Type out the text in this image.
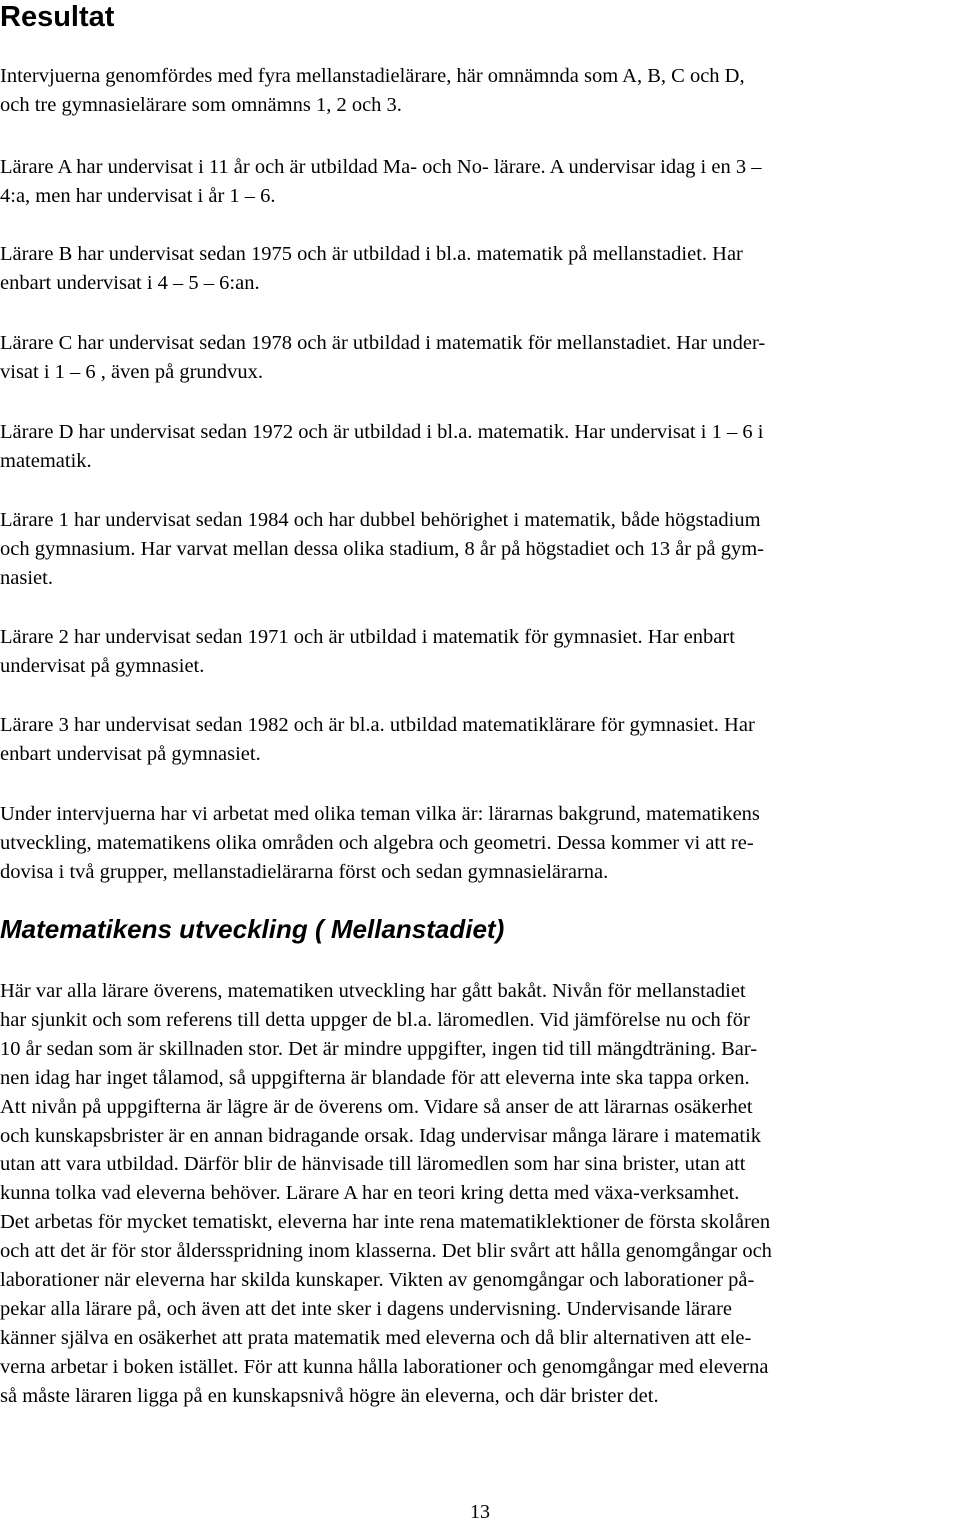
Resultat

Intervjuerna genomfördes med fyra mellanstadielärare, här omnämnda som A, B, C och D,
och tre gymnasielärare som omnämns 1, 2 och 3.

Lärare A har undervisat i 11 år och är utbildad Ma- och No- lärare. A undervisar idag i en 3 –
4:a, men har undervisat i år 1 – 6.

Lärare B har undervisat sedan 1975 och är utbildad i bl.a. matematik på mellanstadiet. Har
enbart undervisat i 4 – 5 – 6:an.

Lärare C har undervisat sedan 1978 och är utbildad i matematik för mellanstadiet. Har under-
visat i 1 – 6 , även på grundvux.

Lärare D har undervisat sedan 1972 och är utbildad i bl.a. matematik. Har undervisat i 1 – 6 i
matematik.

Lärare 1 har undervisat sedan 1984 och har dubbel behörighet i matematik, både högstadium
och gymnasium. Har varvat mellan dessa olika stadium, 8 år på högstadiet och 13 år på gym-
nasiet.

Lärare 2 har undervisat sedan 1971 och är utbildad i matematik för gymnasiet. Har enbart
undervisat på gymnasiet.

Lärare 3 har undervisat sedan 1982 och är bl.a. utbildad matematiklärare för gymnasiet. Har
enbart undervisat på gymnasiet.

Under intervjuerna har vi arbetat med olika teman vilka är: lärarnas bakgrund, matematikens
utveckling, matematikens olika områden och algebra och geometri. Dessa kommer vi att re-
dovisa i två grupper, mellanstadielärarna först och sedan gymnasielärarna.

Matematikens utveckling ( Mellanstadiet)

Här var alla lärare överens, matematiken utveckling har gått bakåt. Nivån för mellanstadiet
har sjunkit och som referens till detta uppger de bl.a. läromedlen. Vid jämförelse nu och för
10 år sedan som är skillnaden stor. Det är mindre uppgifter, ingen tid till mängdträning. Bar-
nen idag har inget tålamod, så uppgifterna är blandade för att eleverna inte ska tappa orken.
Att nivån på uppgifterna är lägre är de överens om. Vidare så anser de att lärarnas osäkerhet
och kunskapsbrister är en annan bidragande orsak. Idag undervisar många lärare i matematik
utan att vara utbildad. Därför blir de hänvisade till läromedlen som har sina brister, utan att
kunna tolka vad eleverna behöver. Lärare A har en teori kring detta med växa-verksamhet.
Det arbetas för mycket tematiskt, eleverna har inte rena matematiklektioner de första skolåren
och att det är för stor åldersspridning inom klasserna. Det blir svårt att hålla genomgångar och
laborationer när eleverna har skilda kunskaper. Vikten av genomgångar och laborationer på-
pekar alla lärare på, och även att det inte sker i dagens undervisning. Undervisande lärare
känner själva en osäkerhet att prata matematik med eleverna och då blir alternativen att ele-
verna arbetar i boken istället. För att kunna hålla laborationer och genomgångar med eleverna
så måste läraren ligga på en kunskapsnivå högre än eleverna, och där brister det.

13
